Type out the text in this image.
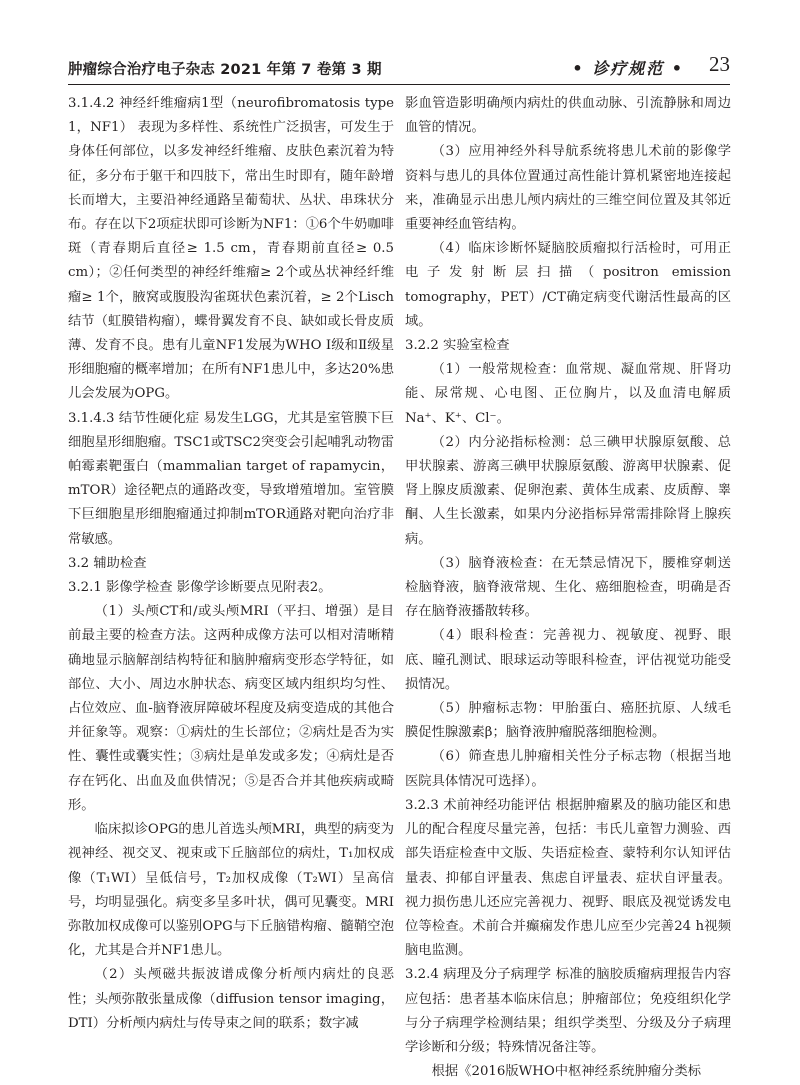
肿瘤综合治疗电子杂志 2021 年第 7 卷第 3 期	• 诊疗规范 • 23

3.1.4.2 神经纤维瘤病1型（neurofibromatosis type 1，NF1） 表现为多样性、系统性广泛损害，可发生于身体任何部位，以多发神经纤维瘤、皮肤色素沉着为特征，多分布于躯干和四肢下，常出生时即有，随年龄增长而增大，主要沿神经通路呈葡萄状、丛状、串珠状分布。存在以下2项症状即可诊断为NF1：①6个牛奶咖啡斑（青春期后直径≥ 1.5 cm，青春期前直径≥ 0.5 cm）；②任何类型的神经纤维瘤≥ 2个或丛状神经纤维瘤≥ 1个，腋窝或腹股沟雀斑状色素沉着，≥ 2个Lisch结节（虹膜错构瘤），蝶骨翼发育不良、缺如或长骨皮质薄、发育不良。患有儿童NF1发展为WHO Ⅰ级和Ⅱ级星形细胞瘤的概率增加；在所有NF1患儿中，多达20%患儿会发展为OPG。

3.1.4.3 结节性硬化症 易发生LGG，尤其是室管膜下巨细胞星形细胞瘤。TSC1或TSC2突变会引起哺乳动物雷帕霉素靶蛋白（mammalian target of rapamycin，mTOR）途径靶点的通路改变，导致增殖增加。室管膜下巨细胞星形细胞瘤通过抑制mTOR通路对靶向治疗非常敏感。

3.2 辅助检查

3.2.1 影像学检查 影像学诊断要点见附表2。

（1）头颅CT和/或头颅MRI（平扫、增强）是目前最主要的检查方法。这两种成像方法可以相对清晰精确地显示脑解剖结构特征和脑肿瘤病变形态学特征，如部位、大小、周边水肿状态、病变区域内组织均匀性、占位效应、血-脑脊液屏障破坏程度及病变造成的其他合并征象等。观察：①病灶的生长部位；②病灶是否为实性、囊性或囊实性；③病灶是单发或多发；④病灶是否存在钙化、出血及血供情况；⑤是否合并其他疾病或畸形。

临床拟诊OPG的患儿首选头颅MRI，典型的病变为视神经、视交叉、视束或下丘脑部位的病灶，T₁加权成像（T₁WI）呈低信号，T₂加权成像（T₂WI）呈高信号，均明显强化。病变多呈多叶状，偶可见囊变。MRI弥散加权成像可以鉴别OPG与下丘脑错构瘤、髓鞘空泡化，尤其是合并NF1患儿。

（2）头颅磁共振波谱成像分析颅内病灶的良恶性；头颅弥散张量成像（diffusion tensor imaging，DTI）分析颅内病灶与传导束之间的联系；数字减

影血管造影明确颅内病灶的供血动脉、引流静脉和周边血管的情况。

（3）应用神经外科导航系统将患儿术前的影像学资料与患儿的具体位置通过高性能计算机紧密地连接起来，准确显示出患儿颅内病灶的三维空间位置及其邻近重要神经血管结构。

（4）临床诊断怀疑脑胶质瘤拟行活检时，可用正电子发射断层扫描（positron emission tomography，PET）/CT确定病变代谢活性最高的区域。

3.2.2 实验室检查

（1）一般常规检查：血常规、凝血常规、肝肾功能、尿常规、心电图、正位胸片，以及血清电解质Na⁺、K⁺、Cl⁻。

（2）内分泌指标检测：总三碘甲状腺原氨酸、总甲状腺素、游离三碘甲状腺原氨酸、游离甲状腺素、促肾上腺皮质激素、促卵泡素、黄体生成素、皮质醇、睾酮、人生长激素，如果内分泌指标异常需排除肾上腺疾病。

（3）脑脊液检查：在无禁忌情况下，腰椎穿刺送检脑脊液，脑脊液常规、生化、癌细胞检查，明确是否存在脑脊液播散转移。

（4）眼科检查：完善视力、视敏度、视野、眼底、瞳孔测试、眼球运动等眼科检查，评估视觉功能受损情况。

（5）肿瘤标志物：甲胎蛋白、癌胚抗原、人绒毛膜促性腺激素β；脑脊液肿瘤脱落细胞检测。

（6）筛查患儿肿瘤相关性分子标志物（根据当地医院具体情况可选择）。

3.2.3 术前神经功能评估 根据肿瘤累及的脑功能区和患儿的配合程度尽量完善，包括：韦氏儿童智力测验、西部失语症检查中文版、失语症检查、蒙特利尔认知评估量表、抑郁自评量表、焦虑自评量表、症状自评量表。视力损伤患儿还应完善视力、视野、眼底及视觉诱发电位等检查。术前合并癫痫发作患儿应至少完善24 h视频脑电监测。

3.2.4 病理及分子病理学 标准的脑胶质瘤病理报告内容应包括：患者基本临床信息；肿瘤部位；免疫组织化学与分子病理学检测结果；组织学类型、分级及分子病理学诊断和分级；特殊情况备注等。

根据《2016版WHO中枢神经系统肿瘤分类标
